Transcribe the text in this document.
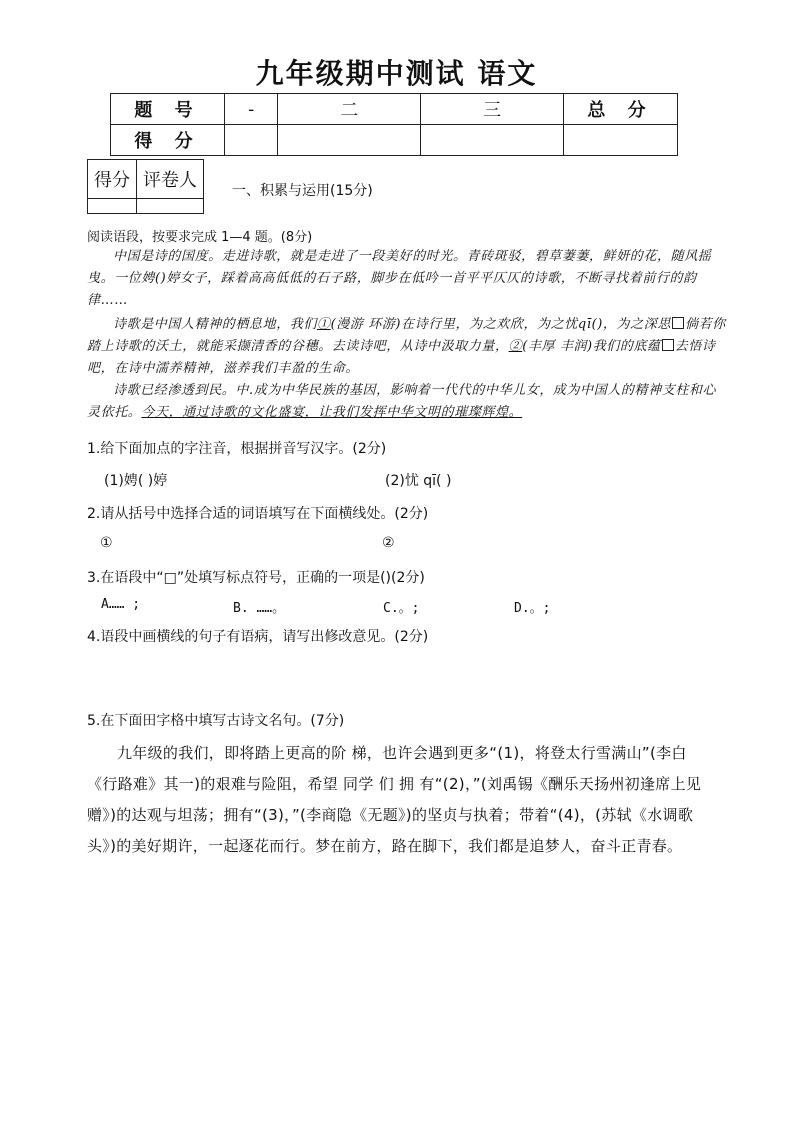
九年级期中测试 语文
题 号	-	二	三	总 分
得 分				
得分	评卷人
		一、积累与运用(15分)
阅读语段，按要求完成 1—4 题。(8分)
中国是诗的国度。走进诗歌，就是走进了一段美好的时光。青砖斑驳，碧草萋萋，鲜妍的花，随风摇曳。一位娉()婷女子，踩着高高低低的石子路，脚步在低吟一首平平仄仄的诗歌，不断寻找着前行的韵律……
诗歌是中国人精神的栖息地，我们①(漫游 环游)在诗行里，为之欢欣，为之忧qī()，为之深思 倘若你踏上诗歌的沃土，就能采撷清香的谷穗。去读诗吧，从诗中汲取力量，②(丰厚 丰润)我们的底蕴 去悟诗吧，在诗中濡养精神，滋养我们丰盈的生命。
诗歌已经渗透到民。中.成为中华民族的基因，影响着一代代的中华儿女，成为中国人的精神支柱和心灵依托。今天，通过诗歌的文化盛宴，让我们发挥中华文明的璀璨辉煌。
1.给下面加点的字注音，根据拼音写汉字。(2分)
(1)娉( )婷	(2)忧 qī( )
2.请从括号中选择合适的词语填写在下面横线处。(2分)
①	②
3.在语段中“□”处填写标点符号，正确的一项是()(2分)
A…… ;	B. ……。	C.。;	D.。;
4.语段中画横线的句子有语病，请写出修改意见。(2分)
5.在下面田字格中填写古诗文名句。(7分)
九年级的我们，即将踏上更高的阶 梯，也许会遇到更多“(1)，将登太行雪满山”(李白《行路难》其一)的艰难与险阻，希望 同学 们 拥 有“(2)，”(刘禹锡《酬乐天扬州初逢席上见赠》)的达观与坦荡；拥有“(3)，”(李商隐《无题》)的坚贞与执着；带着“(4)，(苏轼《水调歌头》)的美好期许，一起逐花而行。梦在前方，路在脚下，我们都是追梦人，奋斗正青春。
